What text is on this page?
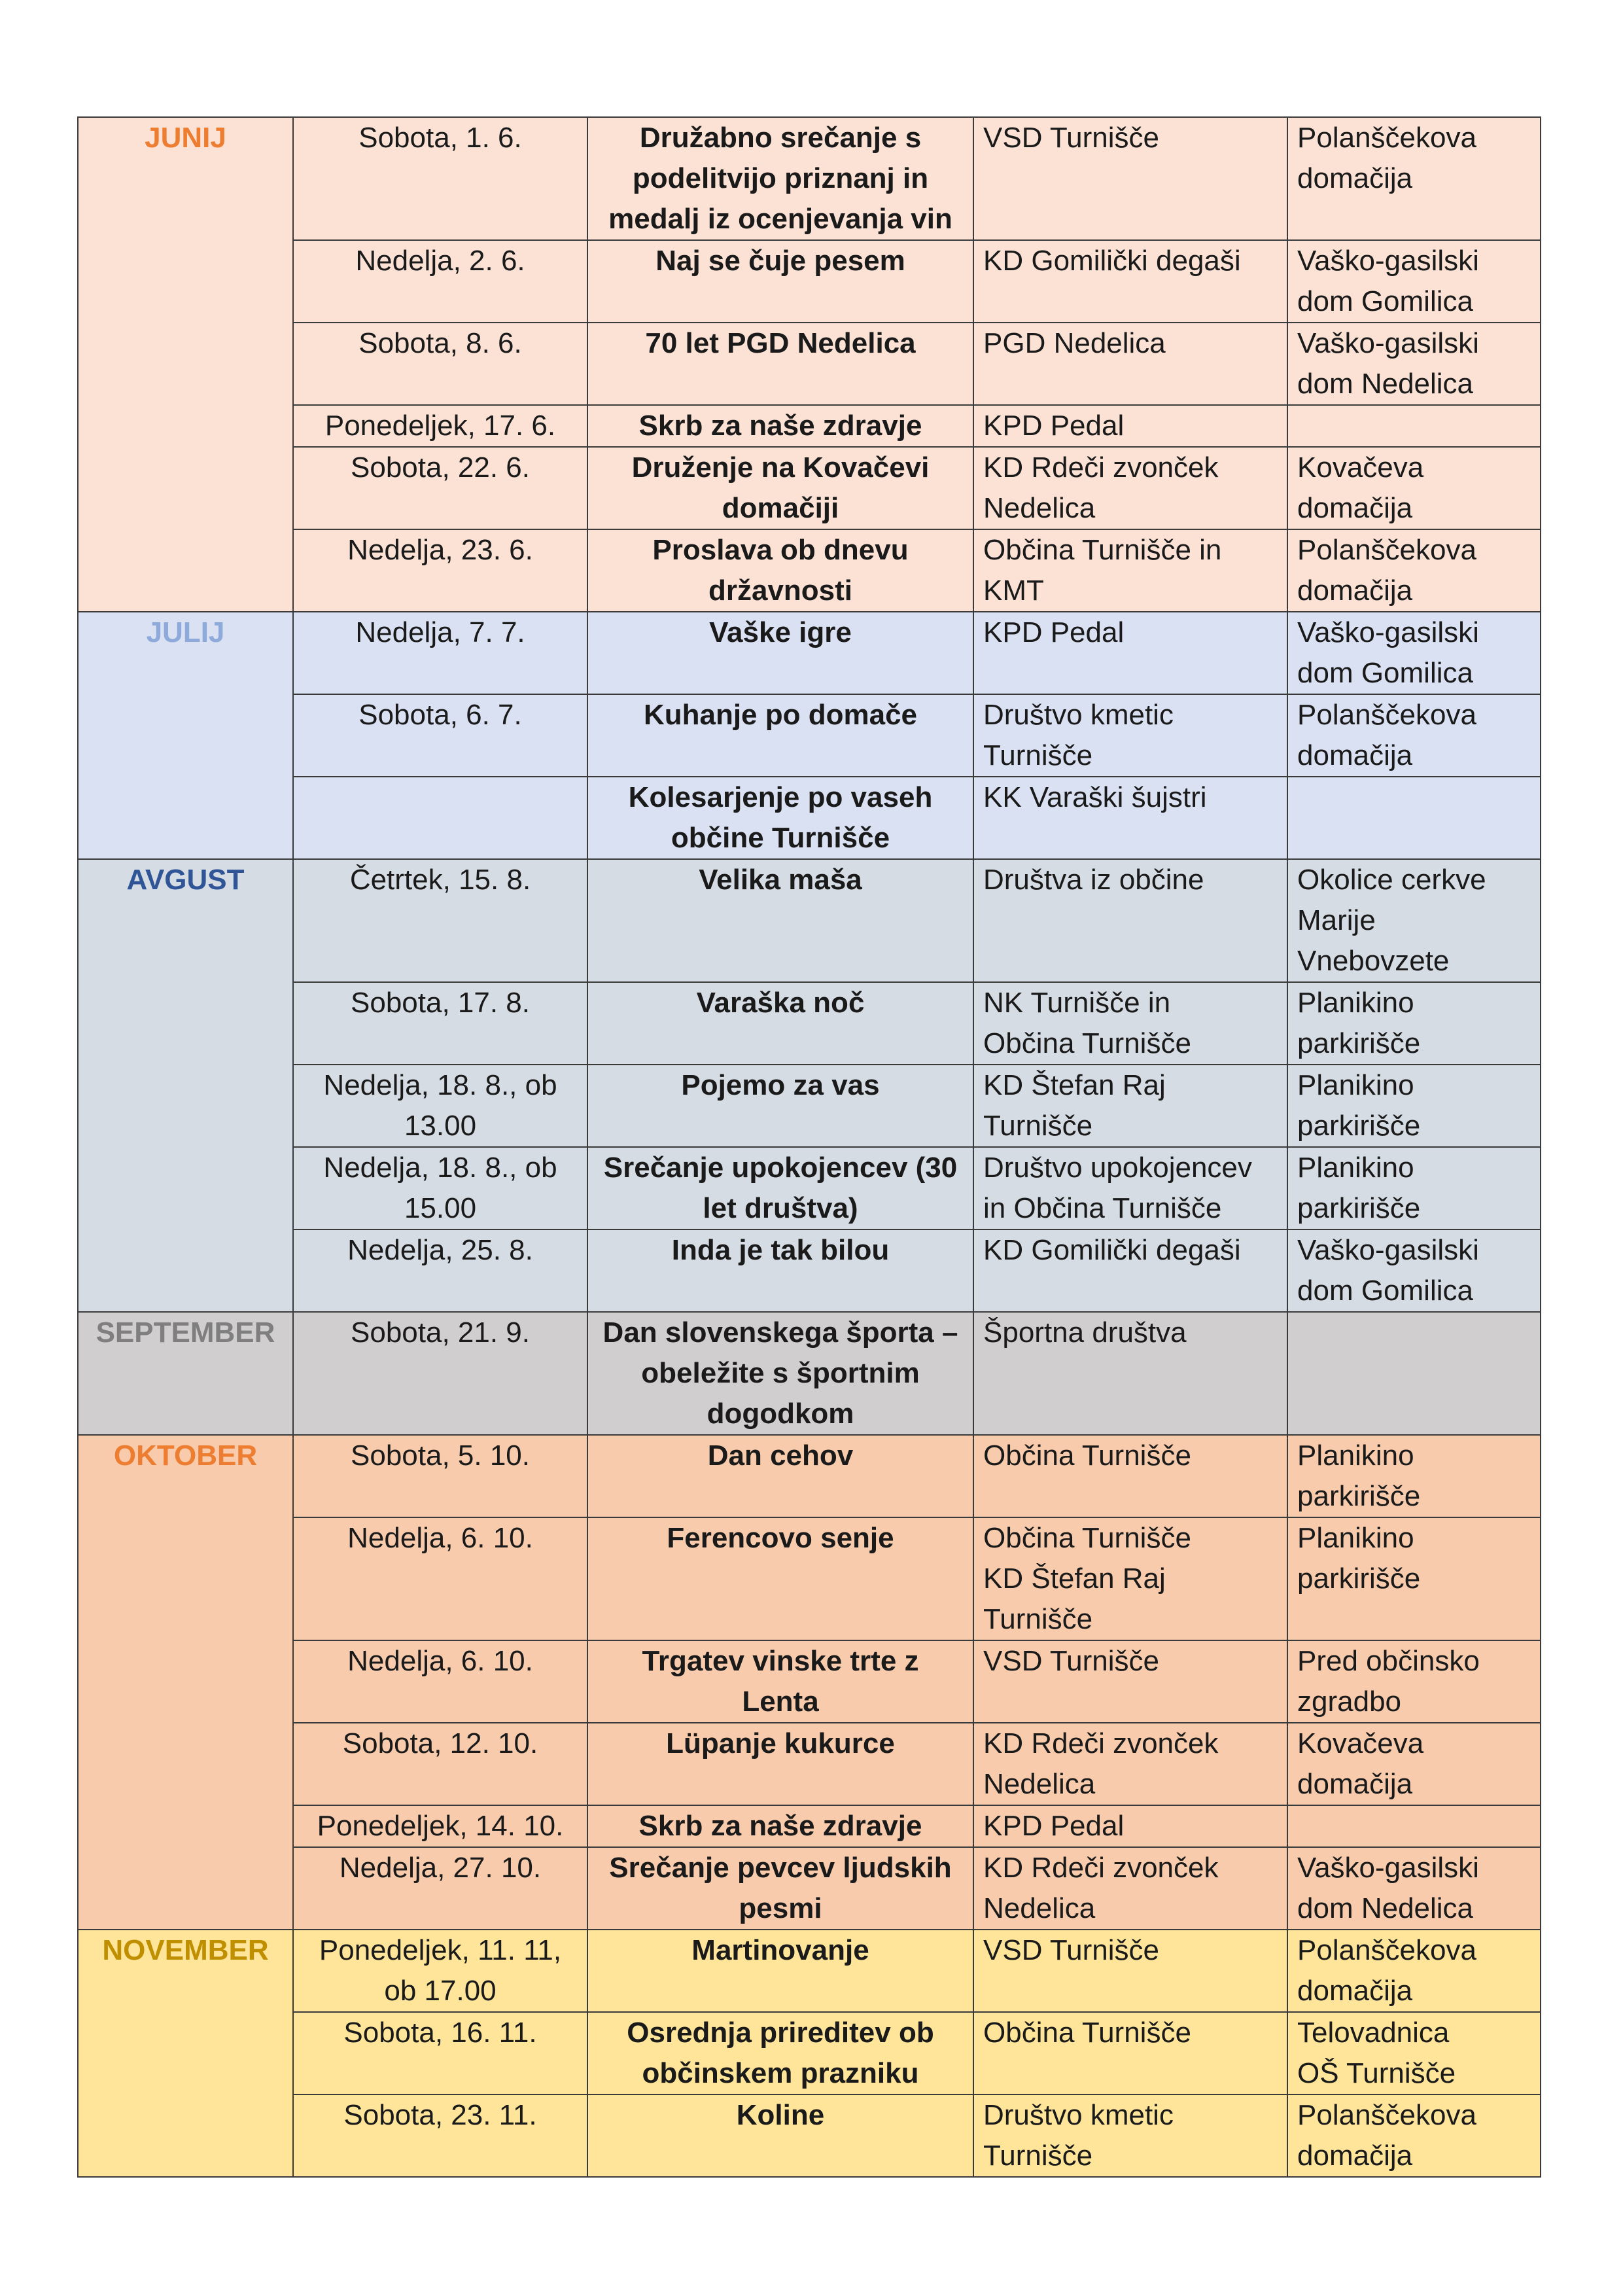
JUNIJ	Sobota, 1. 6.	Družabno srečanje s
podelitvijo priznanj in
medalj iz ocenjevanja vin	VSD Turnišče	Polanščekova
domačija

	Nedelja, 2. 6.	Naj se čuje pesem	KD Gomilički degaši	Vaško-gasilski
dom Gomilica

	Sobota, 8. 6.	70 let PGD Nedelica	PGD Nedelica	Vaško-gasilski
dom Nedelica

	Ponedeljek, 17. 6.	Skrb za naše zdravje	KPD Pedal	

	Sobota, 22. 6.	Druženje na Kovačevi
domačiji	KD Rdeči zvonček
Nedelica	Kovačeva
domačija

	Nedelja, 23. 6.	Proslava ob dnevu
državnosti	Občina Turnišče in
KMT	Polanščekova
domačija

JULIJ	Nedelja, 7. 7.	Vaške igre	KPD Pedal	Vaško-gasilski
dom Gomilica

	Sobota, 6. 7.	Kuhanje po domače	Društvo kmetic
Turnišče	Polanščekova
domačija

		Kolesarjenje po vaseh
občine Turnišče	KK Varaški šujstri	

AVGUST	Četrtek, 15. 8.	Velika maša	Društva iz občine	Okolice cerkve
Marije
Vnebovzete

	Sobota, 17. 8.	Varaška noč	NK Turnišče in
Občina Turnišče	Planikino
parkirišče

	Nedelja, 18. 8., ob
13.00	Pojemo za vas	KD Štefan Raj
Turnišče	Planikino
parkirišče

	Nedelja, 18. 8., ob
15.00	Srečanje upokojencev (30
let društva)	Društvo upokojencev
in Občina Turnišče	Planikino
parkirišče

	Nedelja, 25. 8.	Inda je tak bilou	KD Gomilički degaši	Vaško-gasilski
dom Gomilica

SEPTEMBER	Sobota, 21. 9.	Dan slovenskega športa –
obeležite s športnim
dogodkom	Športna društva	

OKTOBER	Sobota, 5. 10.	Dan cehov	Občina Turnišče	Planikino
parkirišče

	Nedelja, 6. 10.	Ferencovo senje	Občina Turnišče
KD Štefan Raj
Turnišče	Planikino
parkirišče

	Nedelja, 6. 10.	Trgatev vinske trte z
Lenta	VSD Turnišče	Pred občinsko
zgradbo

	Sobota, 12. 10.	Lüpanje kukurce	KD Rdeči zvonček
Nedelica	Kovačeva
domačija

	Ponedeljek, 14. 10.	Skrb za naše zdravje	KPD Pedal	

	Nedelja, 27. 10.	Srečanje pevcev ljudskih
pesmi	KD Rdeči zvonček
Nedelica	Vaško-gasilski
dom Nedelica

NOVEMBER	Ponedeljek, 11. 11,
ob 17.00	Martinovanje	VSD Turnišče	Polanščekova
domačija

	Sobota, 16. 11.	Osrednja prireditev ob
občinskem prazniku	Občina Turnišče	Telovadnica
OŠ Turnišče

	Sobota, 23. 11.	Koline	Društvo kmetic
Turnišče	Polanščekova
domačija
